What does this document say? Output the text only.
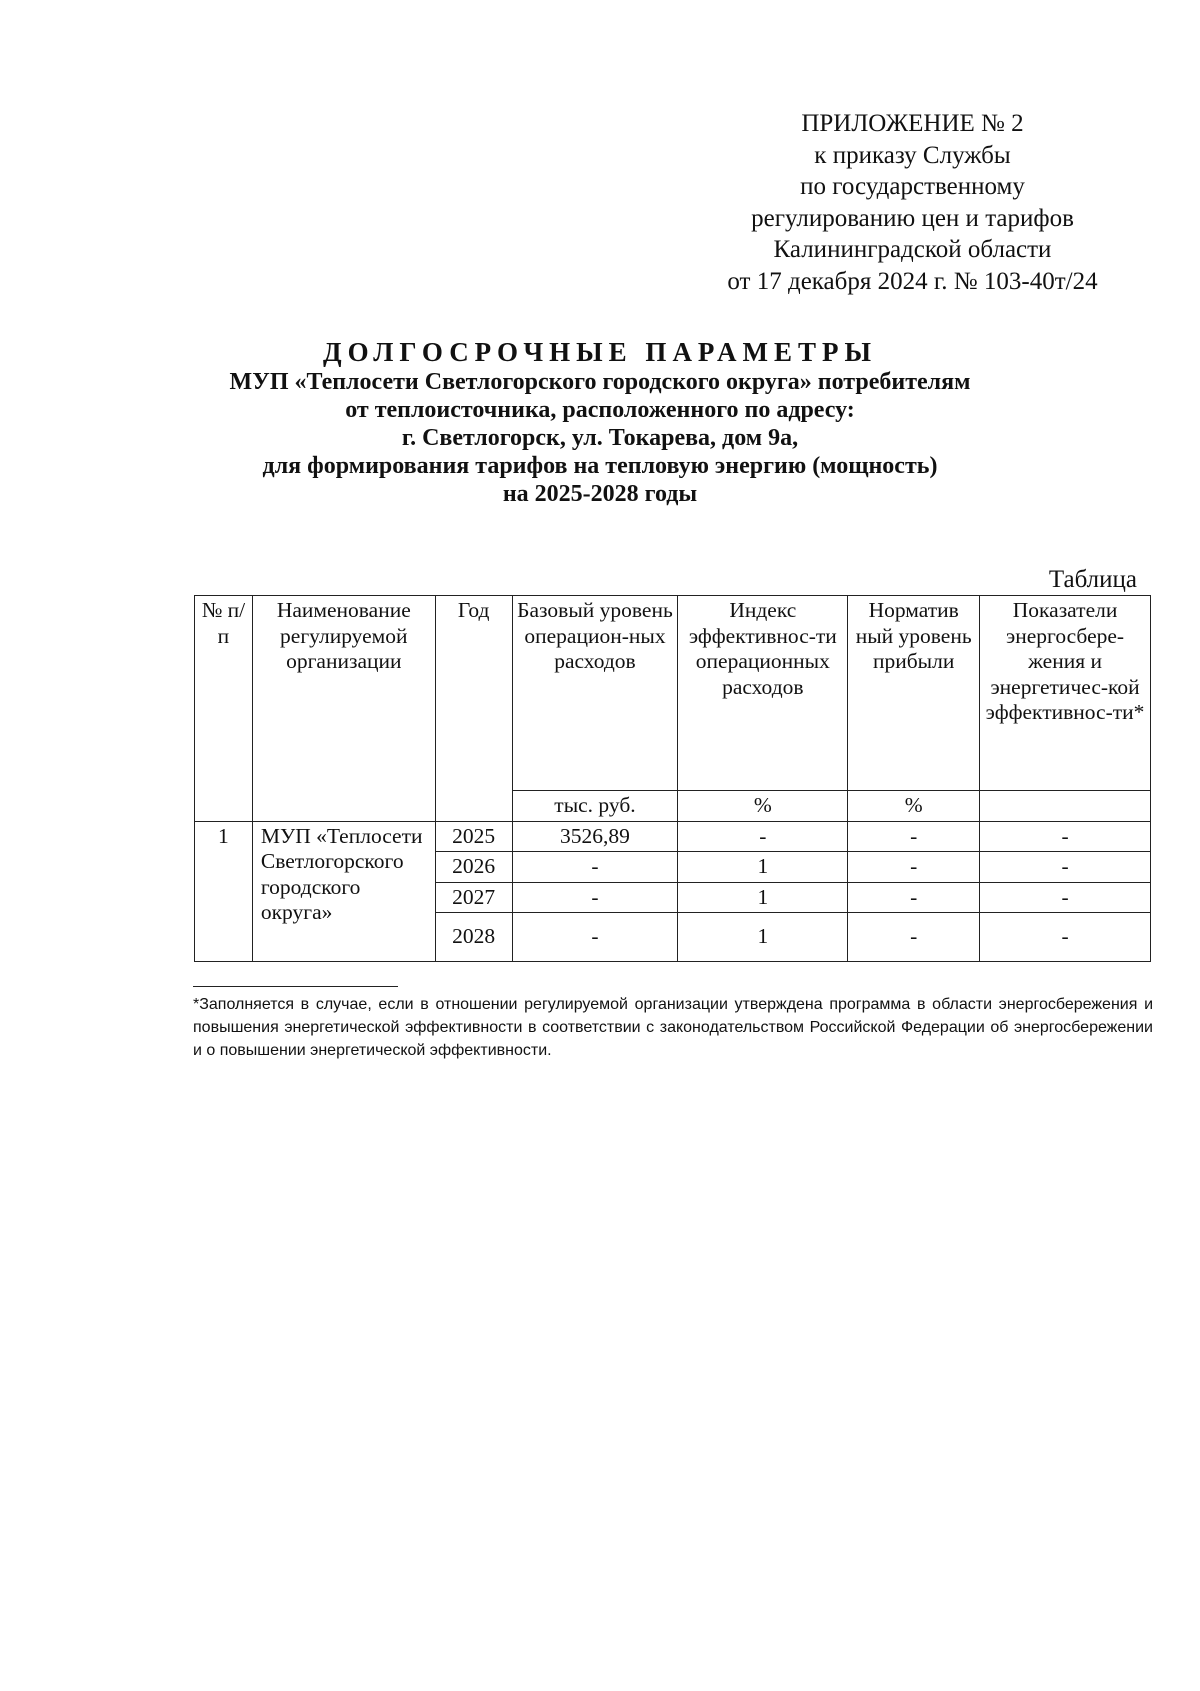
ПРИЛОЖЕНИЕ № 2
к приказу Службы
по государственному
регулированию цен и тарифов
Калининградской области
от 17 декабря 2024 г. № 103-40т/24
ДОЛГОСРОЧНЫЕ ПАРАМЕТРЫ
МУП «Теплосети Светлогорского городского округа» потребителям
от теплоисточника, расположенного по адресу:
г. Светлогорск, ул. Токарева, дом 9а,
для формирования тарифов на тепловую энергию (мощность)
на 2025-2028 годы
Таблица
№ п/п	Наименование регулируемой организации	Год	Базовый уровень операцион-ных расходов	Индекс эффективнос-ти операционных расходов	Норматив ный уровень прибыли	Показатели энергосбере-жения и энергетичес-кой эффективнос-ти*
			тыс. руб.	%	%	
1	МУП «Теплосети Светлогорского городского округа»	2025	3526,89	-	-	-
		2026	-	1	-	-
		2027	-	1	-	-
		2028	-	1	-	-
*Заполняется в случае, если в отношении регулируемой организации утверждена программа в области энергосбережения и повышения энергетической эффективности в соответствии с законодательством Российской Федерации об энергосбережении и о повышении энергетической эффективности.
